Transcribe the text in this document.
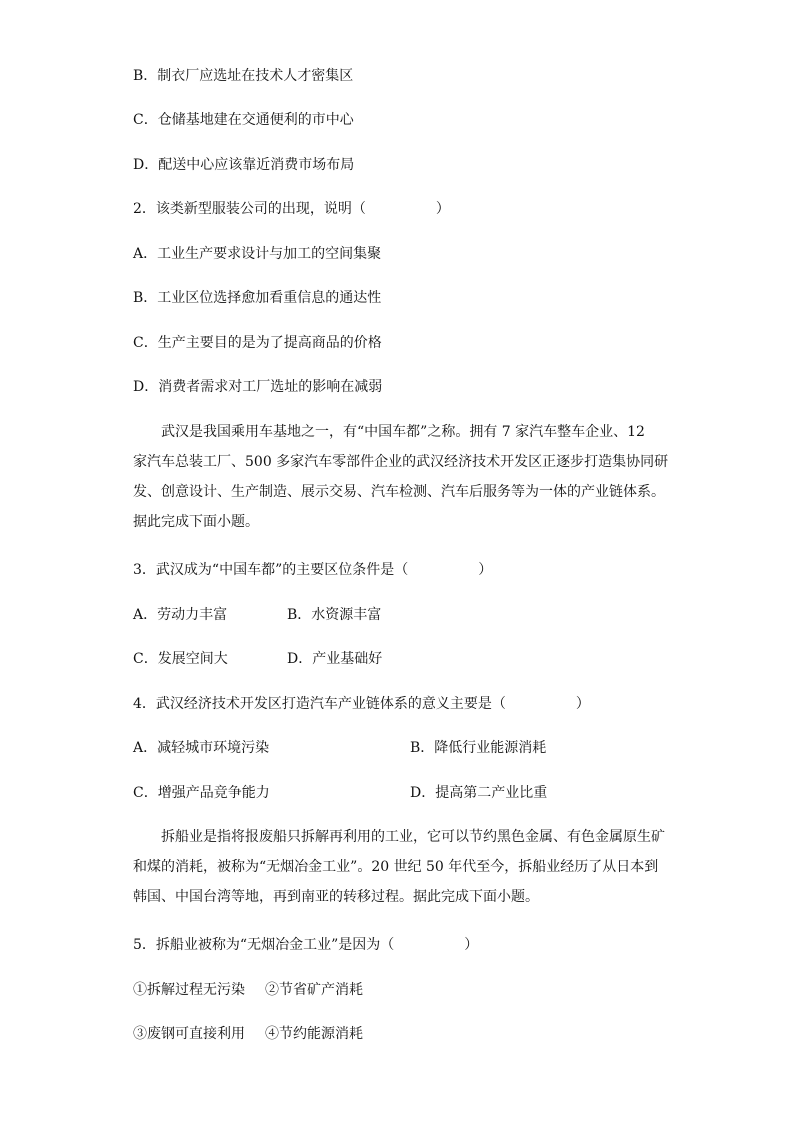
B．制衣厂应选址在技术人才密集区
C．仓储基地建在交通便利的市中心
D．配送中心应该靠近消费市场布局
2．该类新型服装公司的出现，说明（　　　　　）
A．工业生产要求设计与加工的空间集聚
B．工业区位选择愈加看重信息的通达性
C．生产主要目的是为了提高商品的价格
D．消费者需求对工厂选址的影响在减弱
武汉是我国乘用车基地之一，有“中国车都”之称。拥有 7 家汽车整车企业、12
家汽车总装工厂、500 多家汽车零部件企业的武汉经济技术开发区正逐步打造集协同研
发、创意设计、生产制造、展示交易、汽车检测、汽车后服务等为一体的产业链体系。
据此完成下面小题。
3．武汉成为“中国车都”的主要区位条件是（　　　　　）
A．劳动力丰富	B．水资源丰富
C．发展空间大	D．产业基础好
4．武汉经济技术开发区打造汽车产业链体系的意义主要是（　　　　　）
A．减轻城市环境污染	B．降低行业能源消耗
C．增强产品竞争能力	D．提高第二产业比重
拆船业是指将报废船只拆解再利用的工业，它可以节约黑色金属、有色金属原生矿
和煤的消耗，被称为“无烟冶金工业”。20 世纪 50 年代至今，拆船业经历了从日本到
韩国、中国台湾等地，再到南亚的转移过程。据此完成下面小题。
5．拆船业被称为“无烟冶金工业”是因为（　　　　　）
①拆解过程无污染 ②节省矿产消耗
③废钢可直接利用 ④节约能源消耗
